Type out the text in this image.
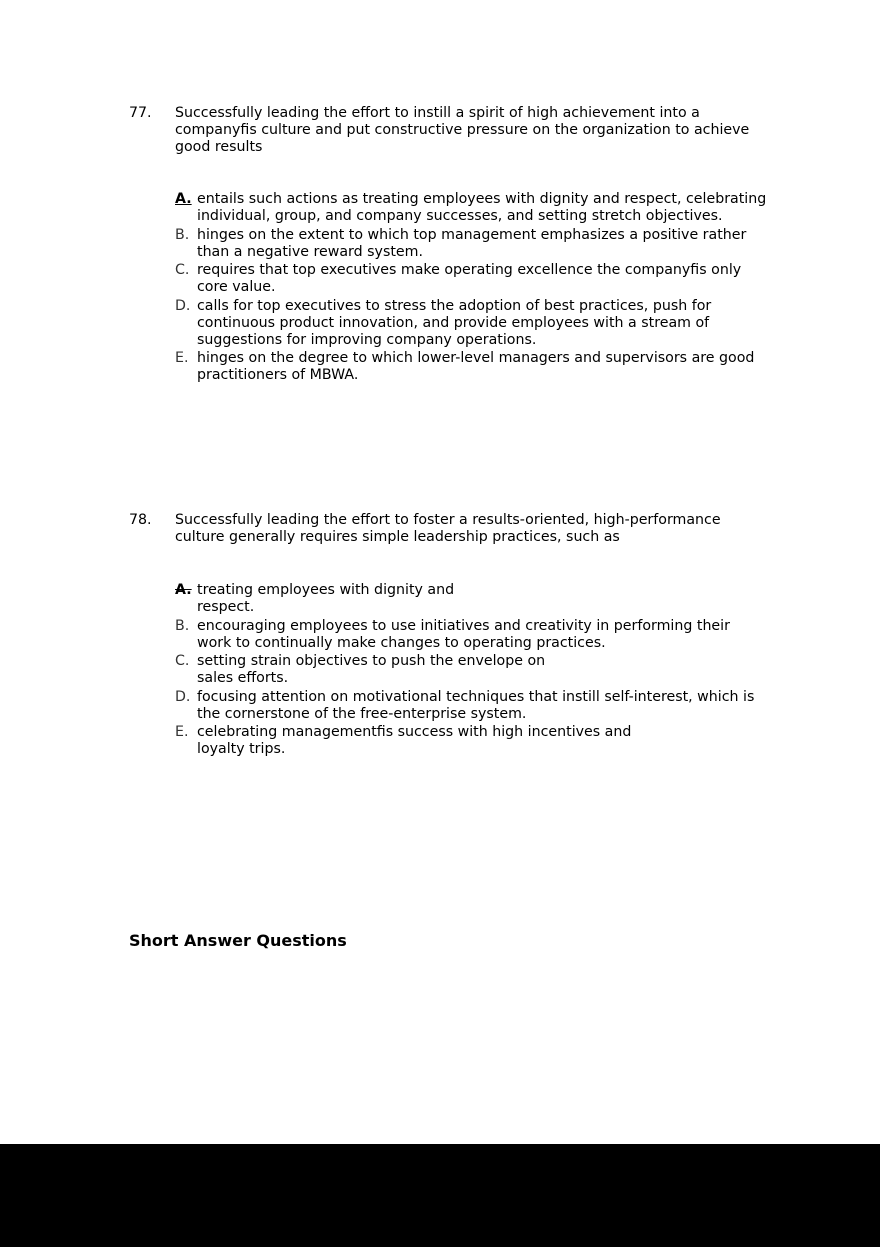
77. Successfully leading the effort to instill a spirit of high achievement into a
companyfis culture and put constructive pressure on the organization to achieve
good results
A. entails such actions as treating employees with dignity and respect, celebrating
individual, group, and company successes, and setting stretch objectives.
B. hinges on the extent to which top management emphasizes a positive rather
than a negative reward system.
C. requires that top executives make operating excellence the companyfis only
core value.
D. calls for top executives to stress the adoption of best practices, push for
continuous product innovation, and provide employees with a stream of
suggestions for improving company operations.
E. hinges on the degree to which lower-level managers and supervisors are good
practitioners of MBWA.
78. Successfully leading the effort to foster a results-oriented, high-performance
culture generally requires simple leadership practices, such as
A. treating employees with dignity and
respect.
B. encouraging employees to use initiatives and creativity in performing their
work to continually make changes to operating practices.
C. setting strain objectives to push the envelope on
sales efforts.
D. focusing attention on motivational techniques that instill self-interest, which is
the cornerstone of the free-enterprise system.
E. celebrating managementfis success with high incentives and
loyalty trips.
Short Answer Questions
